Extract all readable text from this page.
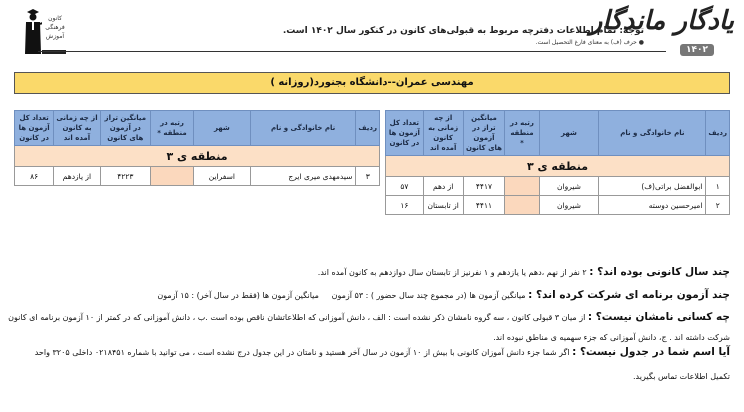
کانون
فرهنگی
آموزش
توجه: تمام اطلاعات دفترچه مربوط به قبولی‌های کانون در کنکور سال ۱۴۰۲ است.
● حرف (ف) به معنای فارغ التحصیل است.
یادگار ماندگار
۱۴۰۲
مهندسی عمران--دانشگاه بجنورد(روزانه )
ردیف	نام خانوادگی و نام	شهر	رتبه در منطقه *	میانگین تراز در آزمون های کانون	از چه زمانی به کانون آمده اند	تعداد کل آزمون ها در کانون
منطقه ی ۳						
۱	ابوالفضل براتی(ف)	شیروان		۴۴۱۷	از دهم	۵۷
۲	امیرحسین دوسته	شیروان		۴۴۱۱	از تابستان	۱۶
ردیف	نام خانوادگی و نام	شهر	رتبه در منطقه *	میانگین تراز در آزمون های کانون	از چه زمانی به کانون آمده اند	تعداد کل آزمون ها در کانون
منطقه ی ۳						
۳	سیدمهدی میری ایرج	اسفراین		۴۲۲۳	از یازدهم	۸۶
چند سال کانونی بوده اند؟ : ۲ نفر از نهم ،دهم یا یازدهم و ۱ نفرنیز از تابستان سال دوازدهم به کانون آمده اند.
چند آزمون برنامه ای شرکت کرده اند؟ : میانگین آزمون ها (در مجموع چند سال حضور ) : ۵۳ آزمون     میانگین آزمون ها (فقط در سال آخر) : ۱۵ آزمون
چه کسانی نامشان نیست؟ : از میان ۳ قبولی کانون ، سه گروه نامشان ذکر نشده است : الف ، دانش آموزانی که اطلاعاتشان ناقص بوده است .ب ، دانش آموزانی که در کمتر از ۱۰ آزمون برنامه ای کانون
شرکت داشته اند . ج، دانش آموزانی که جزء سهمیه ی مناطق نبوده اند.
آیا اسم شما در جدول نیست؟ : اگر شما جزء دانش آموزان کانونی با بیش از ۱۰ آزمون در سال آخر هستید و نامتان در این جدول درج نشده است ، می توانید با شماره ۰۲۱۸۴۵۱ داخلی ۳۲۰۵ واحد
تکمیل اطلاعات تماس بگیرید.
